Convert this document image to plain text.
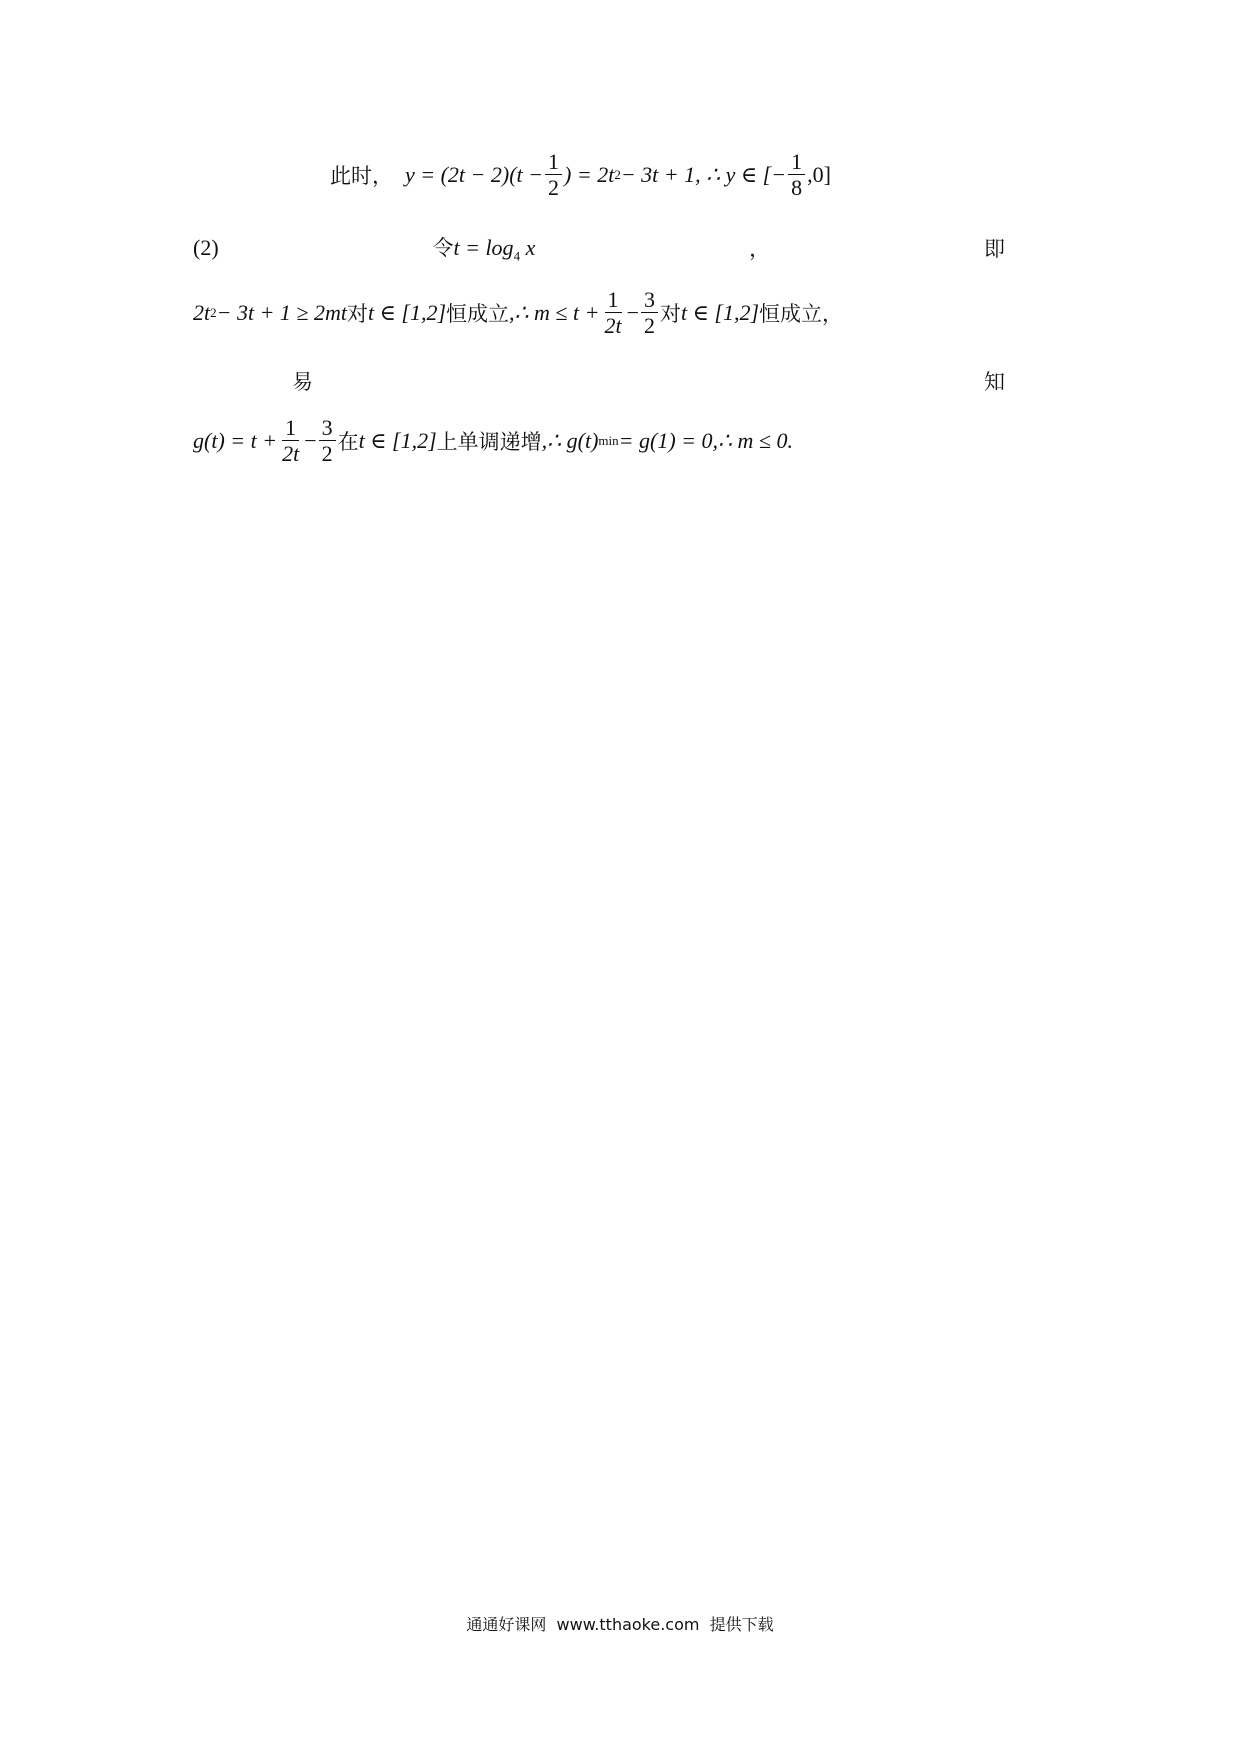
此时， $y = (2t - 2)(t - \frac{1}{2}$ ) = 2t 2 − 3t + 1, ∴ y ∈ [− $\frac{1}{8} ,0$]
(2)	令$t = \log_4 x$	，	即
2t 2 − 3t + 1 ≥ 2mt 对 t ∈ [1,2] 恒成立 ,∴ $m \le t + \frac{1}{2t} - \frac{3}{2}$ 对 t ∈ [1,2] 恒成立，
易	知
$g(t) = t + \frac{1}{2t} - \frac{3}{2}$ 在 t ∈ [1,2] 上单调递增 ,∴ g(t) min = g(1) = 0,∴ m ≤ 0.
通通好课网  www.tthaoke.com  提供下载
